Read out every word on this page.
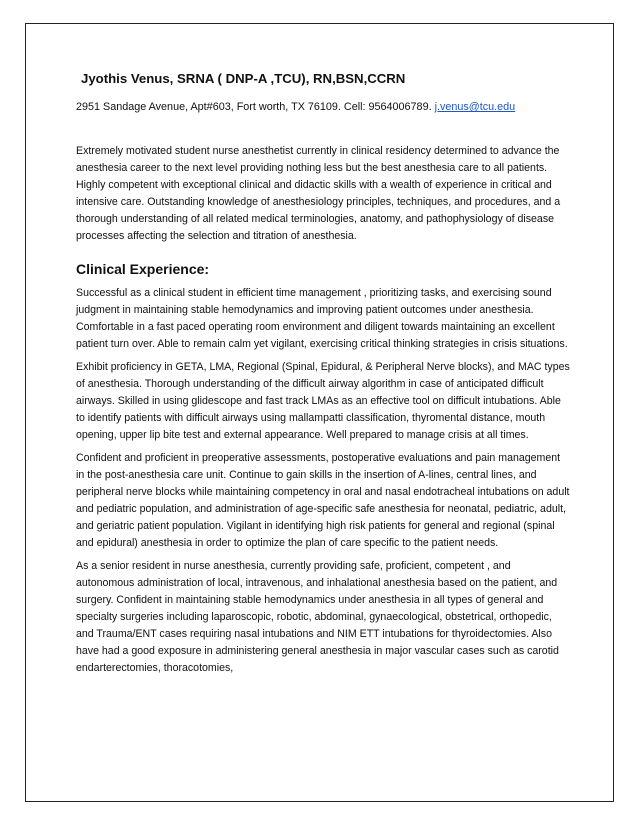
Jyothis Venus, SRNA ( DNP-A ,TCU), RN,BSN,CCRN
2951 Sandage Avenue, Apt#603, Fort worth, TX 76109. Cell: 9564006789. j.venus@tcu.edu

Extremely motivated student nurse anesthetist currently in clinical residency determined to advance the anesthesia career to the next level providing nothing less but the best anesthesia care to all patients. Highly competent with exceptional clinical and didactic skills with a wealth of experience in critical and intensive care. Outstanding knowledge of anesthesiology principles, techniques, and procedures, and a thorough understanding of all related medical terminologies, anatomy, and pathophysiology of disease processes affecting the selection and titration of anesthesia.

Clinical Experience:

Successful as a clinical student in efficient time management , prioritizing tasks, and exercising sound judgment in maintaining stable hemodynamics and improving patient outcomes under anesthesia. Comfortable in a fast paced operating room environment and diligent towards maintaining an excellent patient turn over. Able to remain calm yet vigilant, exercising critical thinking strategies in crisis situations.

Exhibit proficiency in GETA, LMA, Regional (Spinal, Epidural, & Peripheral Nerve blocks), and MAC types of anesthesia. Thorough understanding of the difficult airway algorithm in case of anticipated difficult airways. Skilled in using glidescope and fast track LMAs as an effective tool on difficult intubations. Able to identify patients with difficult airways using mallampatti classification, thyromental distance, mouth opening, upper lip bite test and external appearance. Well prepared to manage crisis at all times.

Confident and proficient in preoperative assessments, postoperative evaluations and pain management in the post-anesthesia care unit. Continue to gain skills in the insertion of A-lines, central lines, and peripheral nerve blocks while maintaining competency in oral and nasal endotracheal intubations on adult and pediatric population, and administration of age-specific safe anesthesia for neonatal, pediatric, adult, and geriatric patient population. Vigilant in identifying high risk patients for general and regional (spinal and epidural) anesthesia in order to optimize the plan of care specific to the patient needs.

As a senior resident in nurse anesthesia, currently providing safe, proficient, competent , and autonomous administration of local, intravenous, and inhalational anesthesia based on the patient, and surgery. Confident in maintaining stable hemodynamics under anesthesia in all types of general and specialty surgeries including laparoscopic, robotic, abdominal, gynaecological, obstetrical, orthopedic, and Trauma/ENT cases requiring nasal intubations and NIM ETT intubations for thyroidectomies. Also have had a good exposure in administering general anesthesia in major vascular cases such as carotid endarterectomies, thoracotomies,
